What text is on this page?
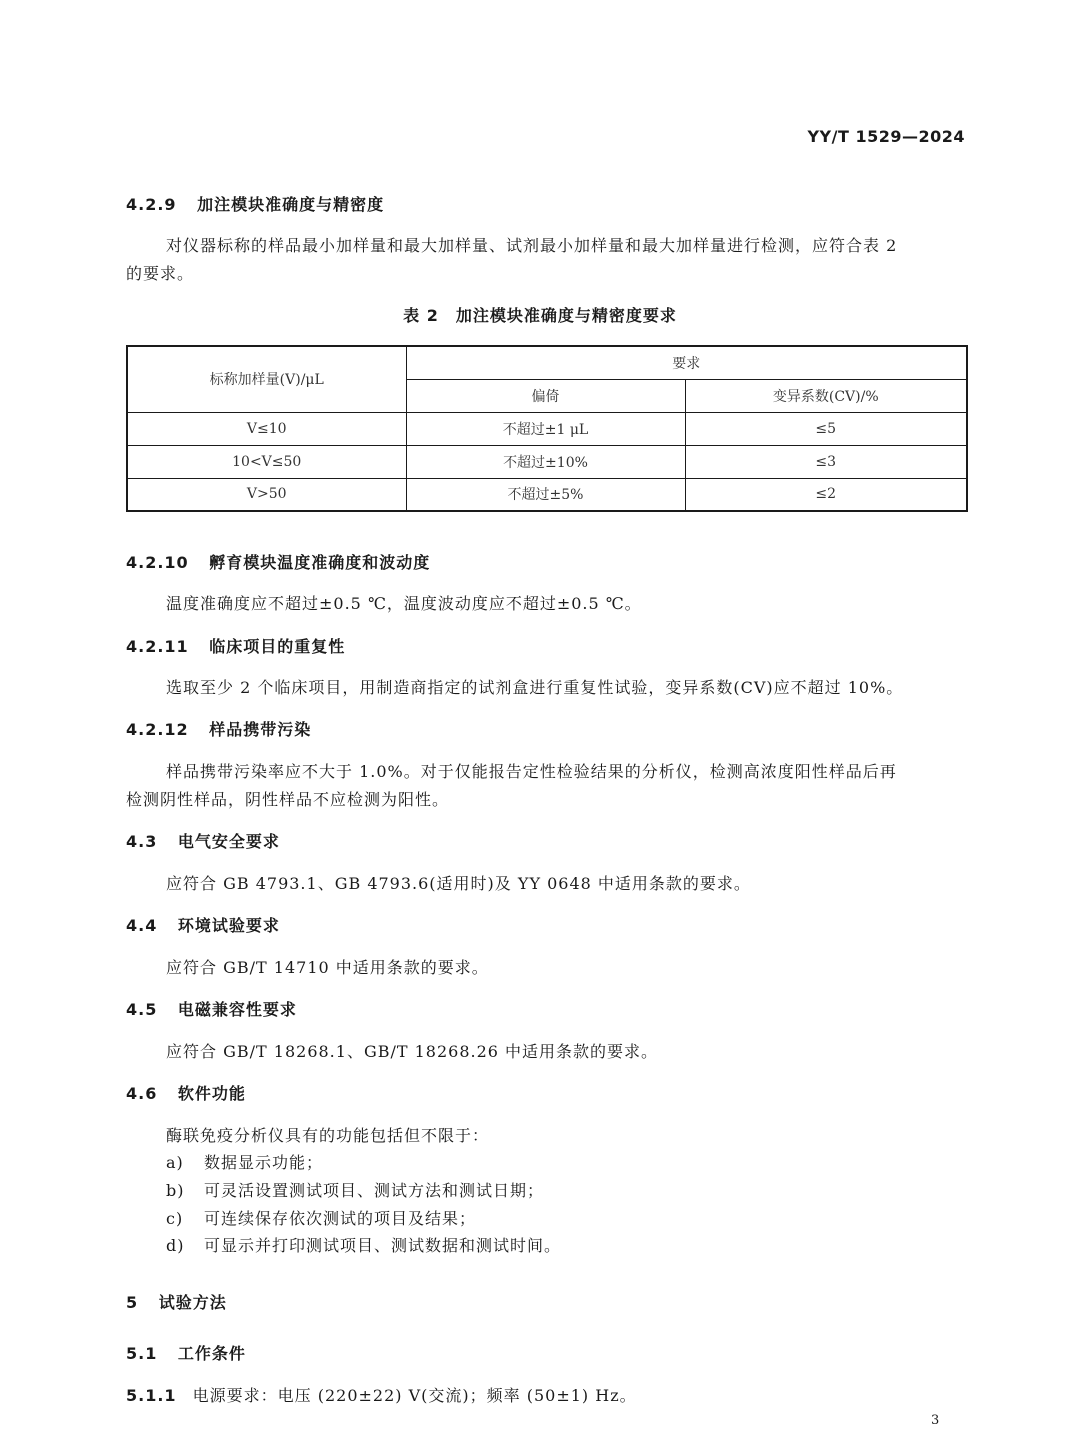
YY/T 1529—2024
4.2.9 加注模块准确度与精密度
对仪器标称的样品最小加样量和最大加样量、试剂最小加样量和最大加样量进行检测，应符合表 2
的要求。
表 2　加注模块准确度与精密度要求
标称加样量(V)/μL	要求	
	偏倚	变异系数(CV)/%
V≤10	不超过±1 μL	≤5
10<V≤50	不超过±10%	≤3
V>50	不超过±5%	≤2
4.2.10 孵育模块温度准确度和波动度
温度准确度应不超过±0.5 ℃，温度波动度应不超过±0.5 ℃。
4.2.11 临床项目的重复性
选取至少 2 个临床项目，用制造商指定的试剂盒进行重复性试验，变异系数(CV)应不超过 10%。
4.2.12 样品携带污染
样品携带污染率应不大于 1.0%。对于仅能报告定性检验结果的分析仪，检测高浓度阳性样品后再
检测阴性样品，阴性样品不应检测为阳性。
4.3 电气安全要求
应符合 GB 4793.1、GB 4793.6(适用时)及 YY 0648 中适用条款的要求。
4.4 环境试验要求
应符合 GB/T 14710 中适用条款的要求。
4.5 电磁兼容性要求
应符合 GB/T 18268.1、GB/T 18268.26 中适用条款的要求。
4.6 软件功能
酶联免疫分析仪具有的功能包括但不限于：
a) 数据显示功能；
b) 可灵活设置测试项目、测试方法和测试日期；
c) 可连续保存依次测试的项目及结果；
d) 可显示并打印测试项目、测试数据和测试时间。
5 试验方法
5.1 工作条件
5.1.1 电源要求：电压 (220±22) V(交流)；频率 (50±1) Hz。
3
